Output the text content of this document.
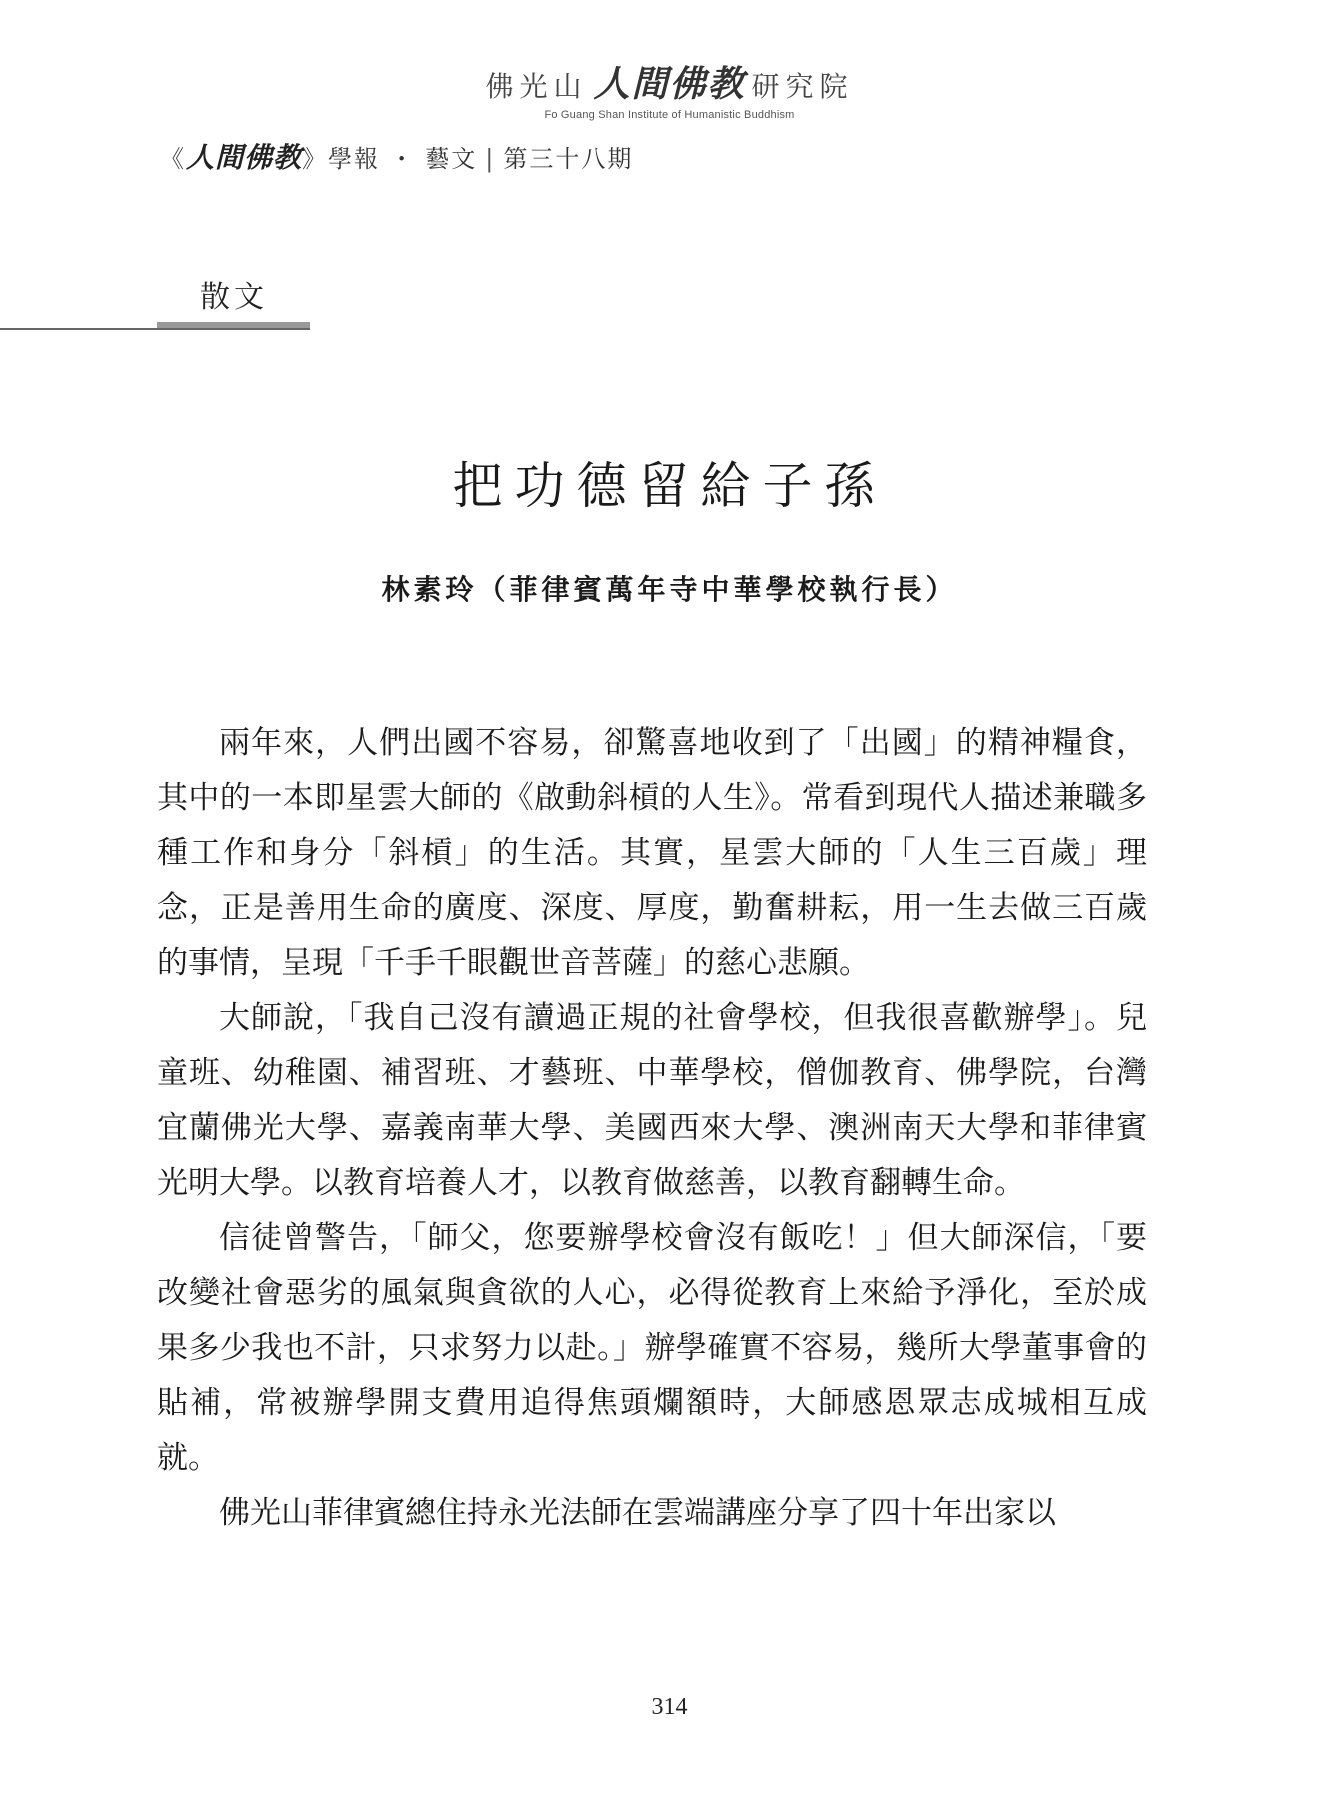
佛光山 人間佛教 研究院
Fo Guang Shan Institute of Humanistic Buddhism
《人間佛教》學報 ・ 藝文 | 第三十八期
散文
把功德留給子孫
林素玲（菲律賓萬年寺中華學校執行長）

兩年來，人們出國不容易，卻驚喜地收到了「出國」的精神糧食，其中的一本即星雲大師的《啟動斜槓的人生》。常看到現代人描述兼職多種工作和身分「斜槓」的生活。其實，星雲大師的「人生三百歲」理念，正是善用生命的廣度、深度、厚度，勤奮耕耘，用一生去做三百歲的事情，呈現「千手千眼觀世音菩薩」的慈心悲願。

大師說，「我自己沒有讀過正規的社會學校，但我很喜歡辦學」。兒童班、幼稚園、補習班、才藝班、中華學校，僧伽教育、佛學院，台灣宜蘭佛光大學、嘉義南華大學、美國西來大學、澳洲南天大學和菲律賓光明大學。以教育培養人才，以教育做慈善，以教育翻轉生命。

信徒曾警告，「師父，您要辦學校會沒有飯吃！」但大師深信，「要改變社會惡劣的風氣與貪欲的人心，必得從教育上來給予淨化，至於成果多少我也不計，只求努力以赴。」辦學確實不容易，幾所大學董事會的貼補，常被辦學開支費用追得焦頭爛額時，大師感恩眾志成城相互成就。

佛光山菲律賓總住持永光法師在雲端講座分享了四十年出家以

314
